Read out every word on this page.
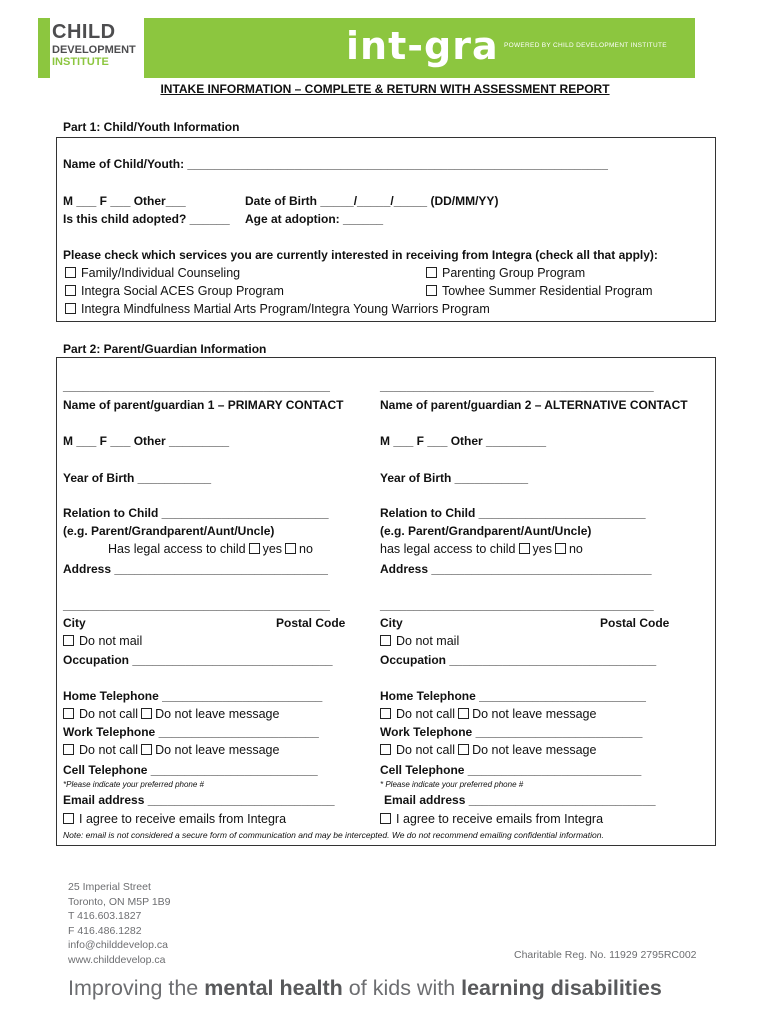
CHILD
DEVELOPMENT
INSTITUTE	int-gra POWERED BY CHILD DEVELOPMENT INSTITUTE
INTAKE INFORMATION – COMPLETE & RETURN WITH ASSESSMENT REPORT
Part 1: Child/Youth Information
Name of Child/Youth: _______________________________________________________________
M ___ F ___ Other___	Date of Birth _____/_____/_____ (DD/MM/YY)
Is this child adopted? ______ Age at adoption: ______
Please check which services you are currently interested in receiving from Integra (check all that apply):
Family/Individual Counseling	Parenting Group Program
Integra Social ACES Group Program	Towhee Summer Residential Program
Integra Mindfulness Martial Arts Program/Integra Young Warriors Program
Part 2: Parent/Guardian Information
________________________________________
Name of parent/guardian 1 – PRIMARY CONTACT
M ___ F ___ Other _________
Year of Birth ___________
Relation to Child _________________________
(e.g. Parent/Grandparent/Aunt/Uncle)
Has legal access to child yes no
Address ________________________________
________________________________________
City	Postal Code
Do not mail
Occupation ______________________________
Home Telephone ________________________
Do not call Do not leave message
Work Telephone ________________________
Do not call Do not leave message
Cell Telephone _________________________
*Please indicate your preferred phone #
Email address ____________________________
I agree to receive emails from Integra
_________________________________________
Name of parent/guardian 2 – ALTERNATIVE CONTACT
M ___ F ___ Other _________
Year of Birth ___________
Relation to Child _________________________
(e.g. Parent/Grandparent/Aunt/Uncle)
has legal access to child yes no
Address _________________________________
_________________________________________
City	Postal Code
Do not mail
Occupation _______________________________
Home Telephone _________________________
Do not call Do not leave message
Work Telephone _________________________
Do not call Do not leave message
Cell Telephone __________________________
* Please indicate your preferred phone #
Email address ____________________________
I agree to receive emails from Integra
Note: email is not considered a secure form of communication and may be intercepted. We do not recommend emailing confidential information.
25 Imperial Street
Toronto, ON M5P 1B9
T 416.603.1827
F 416.486.1282
info@childdevelop.ca
www.childdevelop.ca	Charitable Reg. No. 11929 2795RC002
Improving the mental health of kids with learning disabilities
